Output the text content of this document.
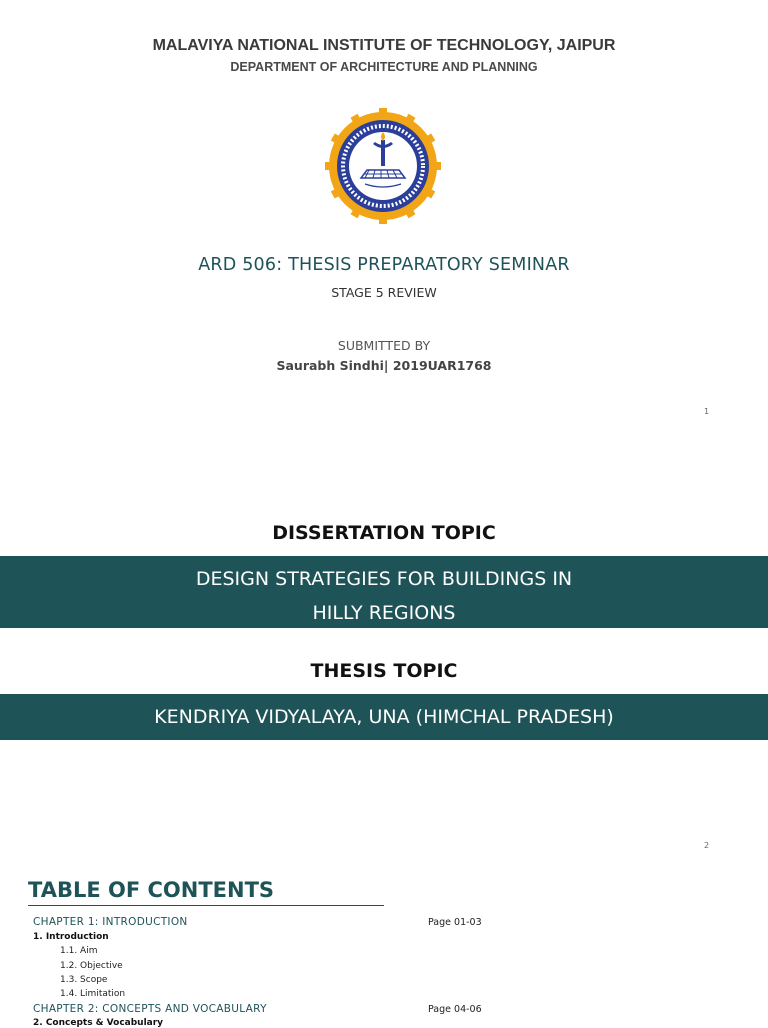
MALAVIYA NATIONAL INSTITUTE OF TECHNOLOGY, JAIPUR
DEPARTMENT OF ARCHITECTURE AND PLANNING
ARD 506: THESIS PREPARATORY SEMINAR
STAGE 5 REVIEW
SUBMITTED BY
Saurabh Sindhi| 2019UAR1768
1
DISSERTATION TOPIC
DESIGN STRATEGIES FOR BUILDINGS IN
HILLY REGIONS
THESIS TOPIC
KENDRIYA VIDYALAYA, UNA (HIMCHAL PRADESH)
2
TABLE OF CONTENTS
CHAPTER 1: INTRODUCTION	Page 01-03
1. Introduction
1.1. Aim
1.2. Objective
1.3. Scope
1.4. Limitation
CHAPTER 2: CONCEPTS AND VOCABULARY	Page 04-06
2. Concepts & Vocabulary
